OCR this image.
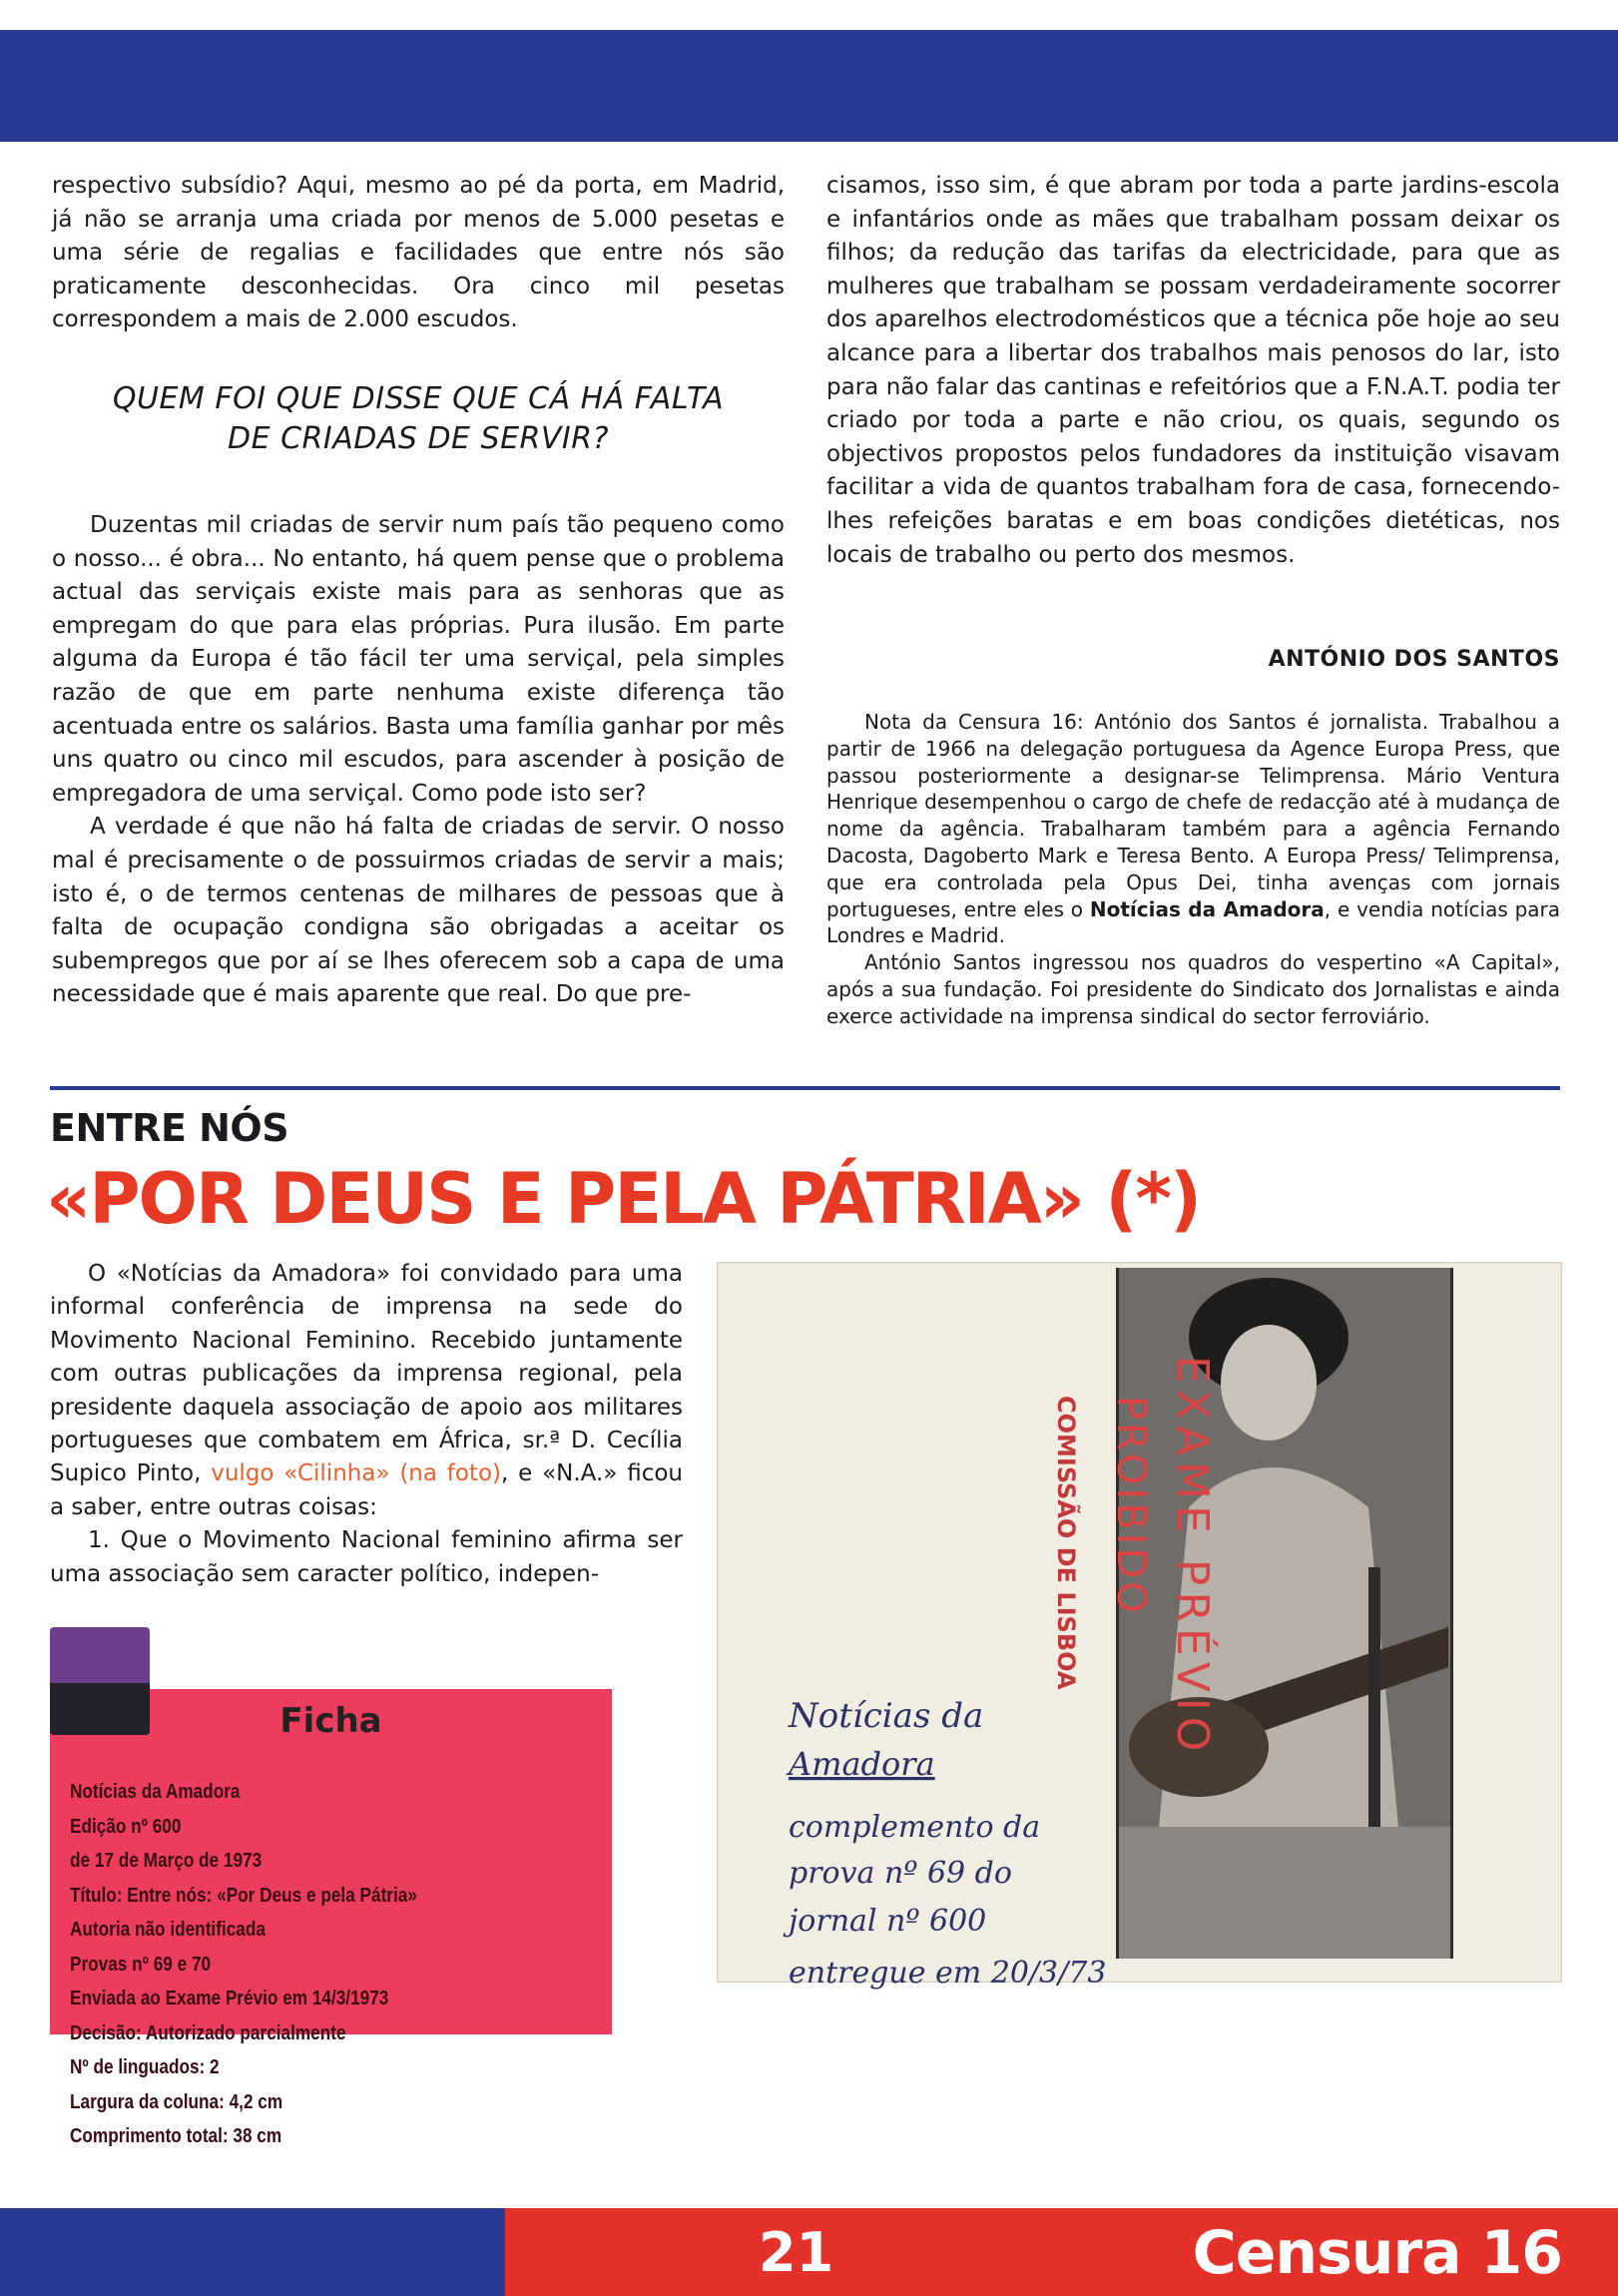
respectivo subsídio? Aqui, mesmo ao pé da porta, em Madrid, já não se arranja uma criada por menos de 5.000 pesetas e uma série de regalias e facilidades que entre nós são praticamente desconhecidas. Ora cinco mil pesetas correspondem a mais de 2.000 escudos.

QUEM FOI QUE DISSE QUE CÁ HÁ FALTA
DE CRIADAS DE SERVIR?

Duzentas mil criadas de servir num país tão pequeno como o nosso... é obra... No entanto, há quem pense que o problema actual das serviçais existe mais para as senhoras que as empregam do que para elas próprias. Pura ilusão. Em parte alguma da Europa é tão fácil ter uma serviçal, pela simples razão de que em parte nenhuma existe diferença tão acentuada entre os salários. Basta uma família ganhar por mês uns quatro ou cinco mil escudos, para ascender à posição de empregadora de uma serviçal. Como pode isto ser?

A verdade é que não há falta de criadas de servir. O nosso mal é precisamente o de possuirmos criadas de servir a mais; isto é, o de termos centenas de milhares de pessoas que à falta de ocupação condigna são obrigadas a aceitar os subempregos que por aí se lhes oferecem sob a capa de uma necessidade que é mais aparente que real. Do que pre-

cisamos, isso sim, é que abram por toda a parte jardins-escola e infantários onde as mães que trabalham possam deixar os filhos; da redução das tarifas da electricidade, para que as mulheres que trabalham se possam verdadeiramente socorrer dos aparelhos electrodomésticos que a técnica põe hoje ao seu alcance para a libertar dos trabalhos mais penosos do lar, isto para não falar das cantinas e refeitórios que a F.N.A.T. podia ter criado por toda a parte e não criou, os quais, segundo os objectivos propostos pelos fundadores da instituição visavam facilitar a vida de quantos trabalham fora de casa, fornecendo-lhes refeições baratas e em boas condições dietéticas, nos locais de trabalho ou perto dos mesmos.

ANTÓNIO DOS SANTOS

Nota da Censura 16: António dos Santos é jornalista. Trabalhou a partir de 1966 na delegação portuguesa da Agence Europa Press, que passou posteriormente a designar-se Telimprensa. Mário Ventura Henrique desempenhou o cargo de chefe de redacção até à mudança de nome da agência. Trabalharam também para a agência Fernando Dacosta, Dagoberto Mark e Teresa Bento. A Europa Press/ Telimprensa, que era controlada pela Opus Dei, tinha avenças com jornais portugueses, entre eles o Notícias da Amadora, e vendia notícias para Londres e Madrid.

António Santos ingressou nos quadros do vespertino «A Capital», após a sua fundação. Foi presidente do Sindicato dos Jornalistas e ainda exerce actividade na imprensa sindical do sector ferroviário.

ENTRE NÓS
«POR DEUS E PELA PÁTRIA» (*)

O «Notícias da Amadora» foi convidado para uma informal conferência de imprensa na sede do Movimento Nacional Feminino. Recebido juntamente com outras publicações da imprensa regional, pela presidente daquela associação de apoio aos militares portugueses que combatem em África, sr.ª D. Cecília Supico Pinto, vulgo «Cilinha» (na foto), e «N.A.» ficou a saber, entre outras coisas:

1. Que o Movimento Nacional feminino afirma ser uma associação sem caracter político, indepen-

Ficha
Notícias da Amadora
Edição nº 600
de 17 de Março de 1973
Título: Entre nós: «Por Deus e pela Pátria»
Autoria não identificada
Provas nº 69 e 70
Enviada ao Exame Prévio em 14/3/1973
Decisão: Autorizado parcialmente
Nº de linguados: 2
Largura da coluna: 4,2 cm
Comprimento total: 38 cm
EXAME PRÉVIO
PROIBIDO
COMISSÃO DE LISBOA
Notícias da
Amadora
complemento da
prova nº 69 do
jornal nº 600
entregue em 20/3/73
21	Censura 16
